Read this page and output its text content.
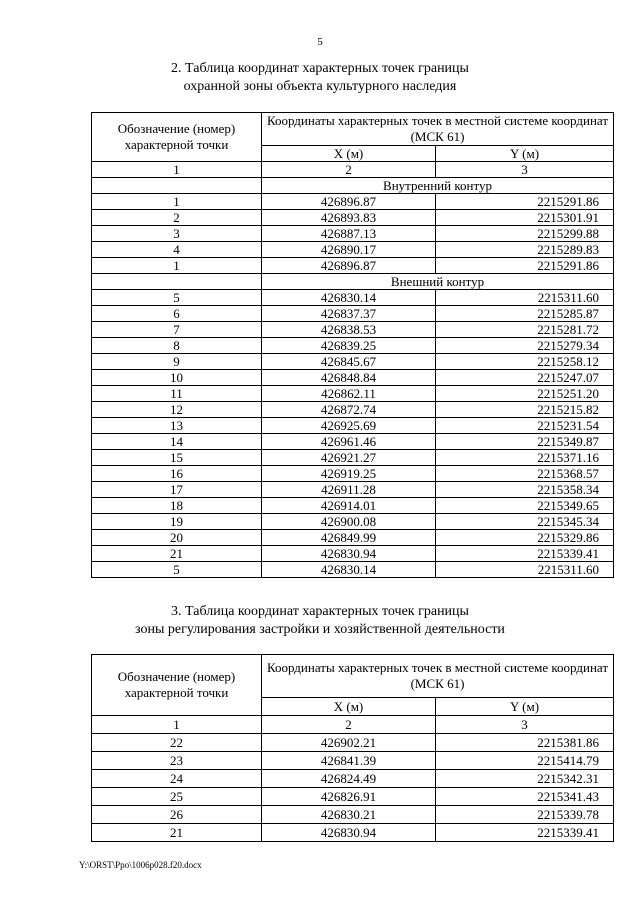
5
2. Таблица координат характерных точек границы
охранной зоны объекта культурного наследия
Обозначение (номер) характерной точки	Координаты характерных точек в местной системе координат (МСК 61)	
	X (м)	Y (м)
1	2	3
	Внутренний контур	
1	426896.87	2215291.86
2	426893.83	2215301.91
3	426887.13	2215299.88
4	426890.17	2215289.83
1	426896.87	2215291.86
	Внешний контур	
5	426830.14	2215311.60
6	426837.37	2215285.87
7	426838.53	2215281.72
8	426839.25	2215279.34
9	426845.67	2215258.12
10	426848.84	2215247.07
11	426862.11	2215251.20
12	426872.74	2215215.82
13	426925.69	2215231.54
14	426961.46	2215349.87
15	426921.27	2215371.16
16	426919.25	2215368.57
17	426911.28	2215358.34
18	426914.01	2215349.65
19	426900.08	2215345.34
20	426849.99	2215329.86
21	426830.94	2215339.41
5	426830.14	2215311.60
3. Таблица координат характерных точек границы
зоны регулирования застройки и хозяйственной деятельности
Обозначение (номер) характерной точки	Координаты характерных точек в местной системе координат (МСК 61)	
	X (м)	Y (м)
1	2	3
22	426902.21	2215381.86
23	426841.39	2215414.79
24	426824.49	2215342.31
25	426826.91	2215341.43
26	426830.21	2215339.78
21	426830.94	2215339.41
Y:\ORST\Ppo\1006p028.f20.docx
